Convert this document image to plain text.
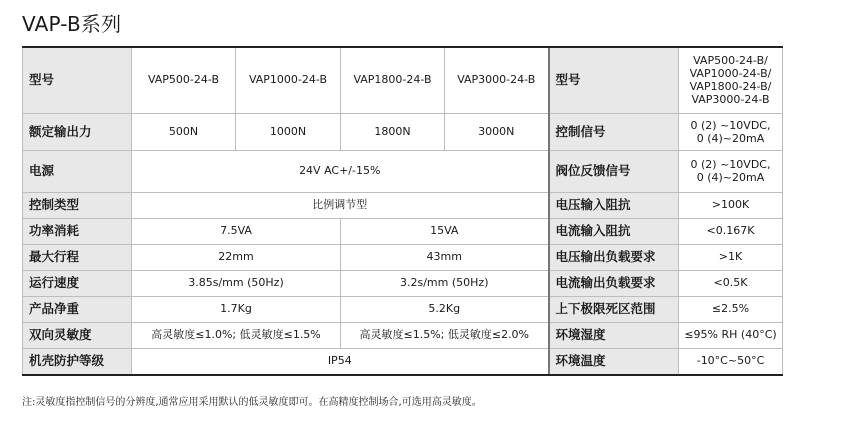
VAP-B系列
型号	VAP500-24-B	VAP1000-24-B	VAP1800-24-B	VAP3000-24-B	型号	VAP500-24-B/
VAP1000-24-B/
VAP1800-24-B/
VAP3000-24-B

额定输出力	500N	1000N	1800N	3000N	控制信号	0 (2) ~10VDC,
0 (4)~20mA

电源	24V AC+/-15%				阀位反馈信号	0 (2) ~10VDC,
0 (4)~20mA

控制类型	比例调节型				电压输入阻抗	>100K
功率消耗	7.5VA		15VA		电流输入阻抗	<0.167K
最大行程	22mm		43mm		电压输出负载要求	>1K
运行速度	3.85s/mm (50Hz)		3.2s/mm (50Hz)		电流输出负载要求	<0.5K
产品净重	1.7Kg		5.2Kg		上下极限死区范围	≤2.5%
双向灵敏度	高灵敏度≤1.0%; 低灵敏度≤1.5%		高灵敏度≤1.5%; 低灵敏度≤2.0%		环境湿度	≤95% RH (40°C)
机壳防护等级	IP54				环境温度	-10°C~50°C
注:灵敏度指控制信号的分辨度,通常应用采用默认的低灵敏度即可。在高精度控制场合,可选用高灵敏度。
